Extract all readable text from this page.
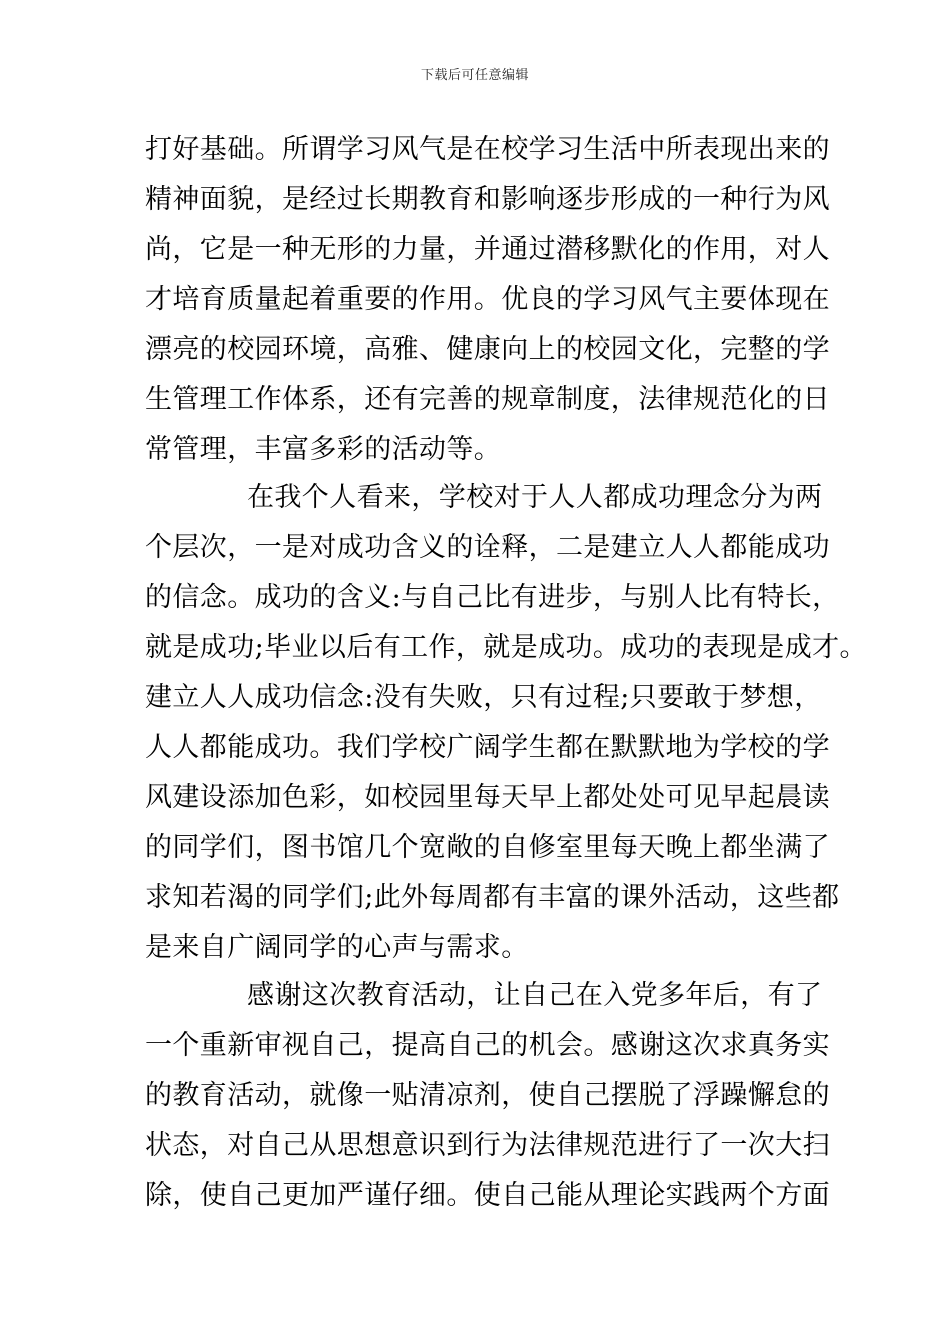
下载后可任意编辑
打好基础。所谓学习风气是在校学习生活中所表现出来的
精神面貌，是经过长期教育和影响逐步形成的一种行为风
尚，它是一种无形的力量，并通过潜移默化的作用，对人
才培育质量起着重要的作用。优良的学习风气主要体现在
漂亮的校园环境，高雅、健康向上的校园文化，完整的学
生管理工作体系，还有完善的规章制度，法律规范化的日
常管理，丰富多彩的活动等。
在我个人看来，学校对于人人都成功理念分为两
个层次，一是对成功含义的诠释，二是建立人人都能成功
的信念。成功的含义:与自己比有进步，与别人比有特长，
就是成功;毕业以后有工作，就是成功。成功的表现是成才。
建立人人成功信念:没有失败，只有过程;只要敢于梦想，
人人都能成功。我们学校广阔学生都在默默地为学校的学
风建设添加色彩，如校园里每天早上都处处可见早起晨读
的同学们，图书馆几个宽敞的自修室里每天晚上都坐满了
求知若渴的同学们;此外每周都有丰富的课外活动，这些都
是来自广阔同学的心声与需求。
感谢这次教育活动，让自己在入党多年后，有了
一个重新审视自己，提高自己的机会。感谢这次求真务实
的教育活动，就像一贴清凉剂，使自己摆脱了浮躁懈怠的
状态，对自己从思想意识到行为法律规范进行了一次大扫
除，使自己更加严谨仔细。使自己能从理论实践两个方面
